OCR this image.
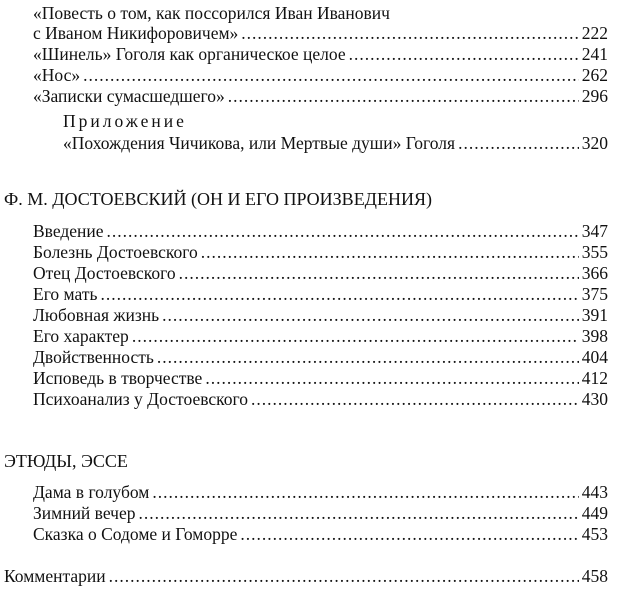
«Повесть о том, как поссорился Иван Иванович
с Иваном Никифоровичем» .....	222
«Шинель» Гоголя как органическое целое .....	241
«Нос» .....	262
«Записки сумасшедшего» .....	296
Приложение
«Похождения Чичикова, или Мертвые души» Гоголя .....	320
Ф. М. ДОСТОЕВСКИЙ (ОН И ЕГО ПРОИЗВЕДЕНИЯ)
Введение .....	347
Болезнь Достоевского .....	355
Отец Достоевского .....	366
Его мать .....	375
Любовная жизнь .....	391
Его характер .....	398
Двойственность .....	404
Исповедь в творчестве .....	412
Психоанализ у Достоевского .....	430
ЭТЮДЫ, ЭССЕ
Дама в голубом .....	443
Зимний вечер .....	449
Сказка о Содоме и Гоморре .....	453
Комментарии .....	458
